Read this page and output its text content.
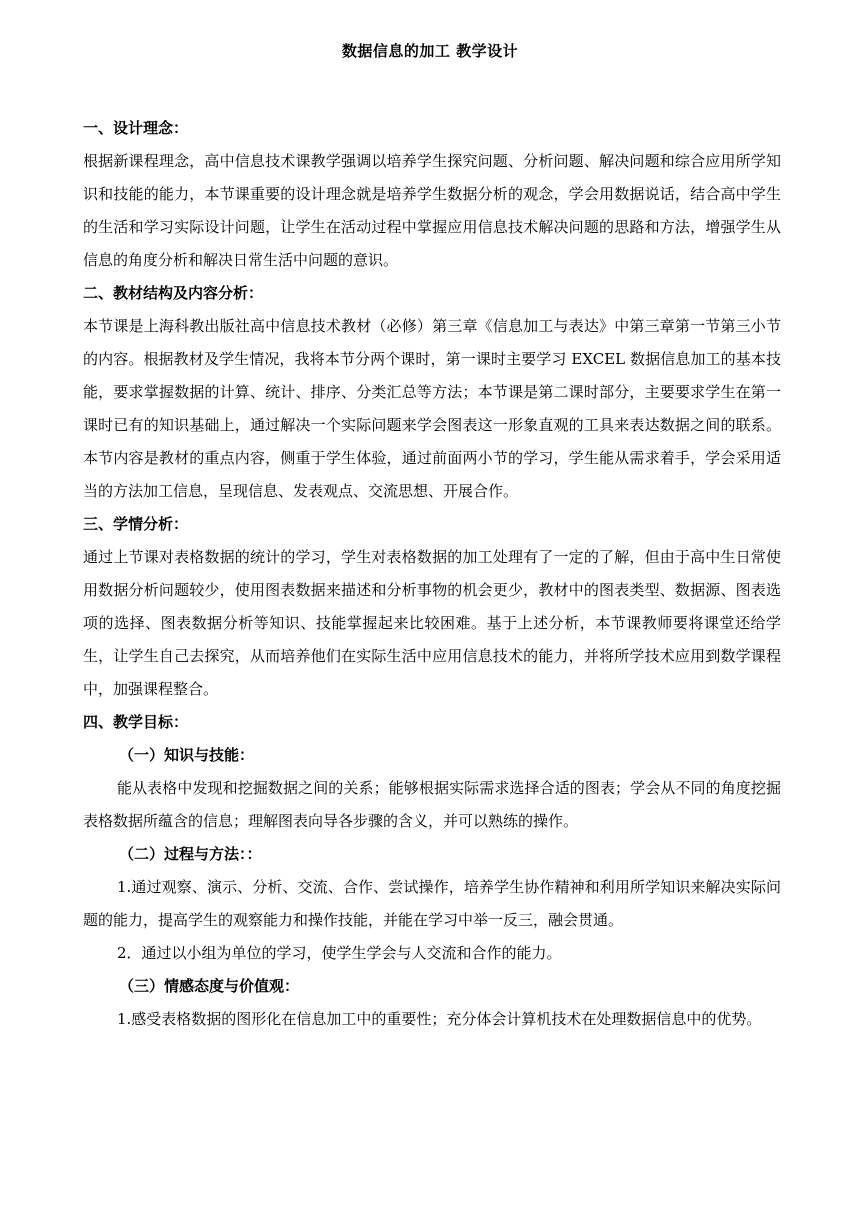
数据信息的加工 教学设计
一、设计理念：
根据新课程理念，高中信息技术课教学强调以培养学生探究问题、分析问题、解决问题和综合应用所学知识和技能的能力，本节课重要的设计理念就是培养学生数据分析的观念，学会用数据说话，结合高中学生的生活和学习实际设计问题，让学生在活动过程中掌握应用信息技术解决问题的思路和方法，增强学生从信息的角度分析和解决日常生活中问题的意识。
二、教材结构及内容分析：
本节课是上海科教出版社高中信息技术教材（必修）第三章《信息加工与表达》中第三章第一节第三小节的内容。根据教材及学生情况，我将本节分两个课时，第一课时主要学习 EXCEL 数据信息加工的基本技能，要求掌握数据的计算、统计、排序、分类汇总等方法；本节课是第二课时部分，主要要求学生在第一课时已有的知识基础上，通过解决一个实际问题来学会图表这一形象直观的工具来表达数据之间的联系。本节内容是教材的重点内容，侧重于学生体验，通过前面两小节的学习，学生能从需求着手，学会采用适当的方法加工信息，呈现信息、发表观点、交流思想、开展合作。
三、学情分析：
通过上节课对表格数据的统计的学习，学生对表格数据的加工处理有了一定的了解，但由于高中生日常使用数据分析问题较少，使用图表数据来描述和分析事物的机会更少，教材中的图表类型、数据源、图表选项的选择、图表数据分析等知识、技能掌握起来比较困难。基于上述分析，本节课教师要将课堂还给学生，让学生自己去探究，从而培养他们在实际生活中应用信息技术的能力，并将所学技术应用到数学课程中，加强课程整合。
四、教学目标：
（一）知识与技能：
能从表格中发现和挖掘数据之间的关系；能够根据实际需求选择合适的图表；学会从不同的角度挖掘表格数据所蕴含的信息；理解图表向导各步骤的含义，并可以熟练的操作。
（二）过程与方法：：
1.通过观察、演示、分析、交流、合作、尝试操作，培养学生协作精神和利用所学知识来解决实际问题的能力，提高学生的观察能力和操作技能，并能在学习中举一反三，融会贯通。
2．通过以小组为单位的学习，使学生学会与人交流和合作的能力。
（三）情感态度与价值观：
1.感受表格数据的图形化在信息加工中的重要性；充分体会计算机技术在处理数据信息中的优势。
